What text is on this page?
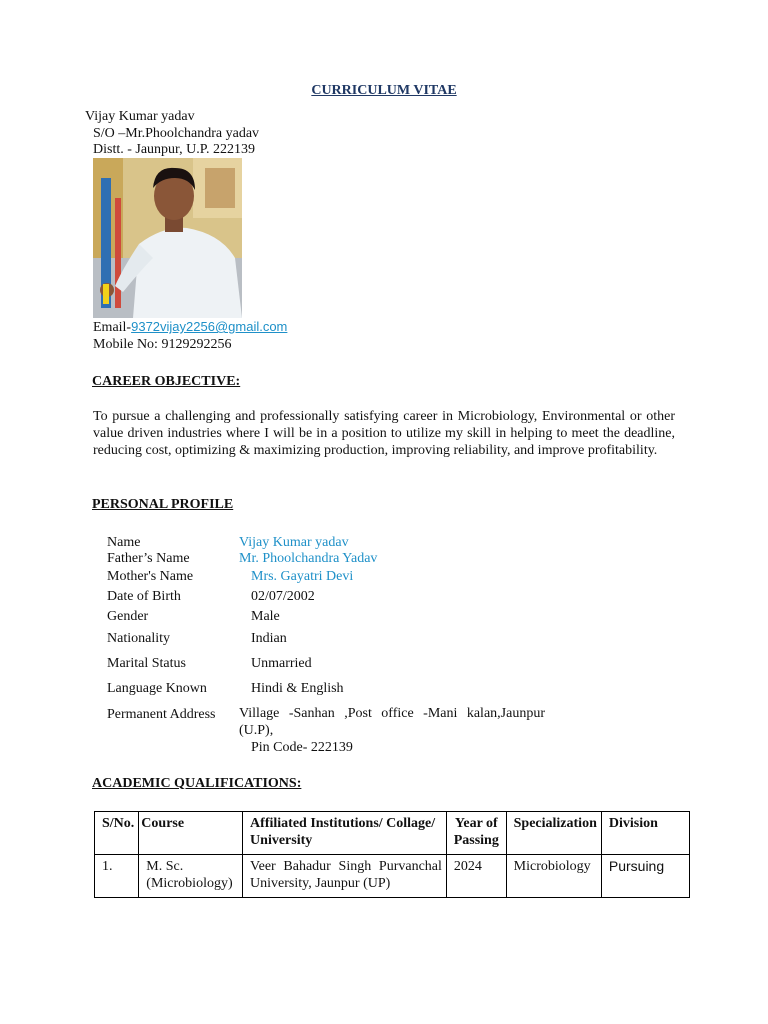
CURRICULUM VITAE
Vijay Kumar yadav
S/O –Mr.Phoolchandra yadav
Distt. - Jaunpur, U.P. 222139
Email-9372vijay2256@gmail.com
Mobile No: 9129292256
CAREER OBJECTIVE:
To pursue a challenging and professionally satisfying career in Microbiology, Environmental or other value driven industries where I will be in a position to utilize my skill in helping to meet the deadline, reducing cost, optimizing & maximizing production, improving reliability, and improve profitability.
PERSONAL PROFILE
Name	Vijay Kumar yadav
Father’s Name	Mr. Phoolchandra Yadav
Mother's Name	Mrs. Gayatri Devi
Date of Birth	02/07/2002
Gender	Male
Nationality	Indian
Marital Status	Unmarried
Language Known	Hindi & English
Permanent Address Village -Sanhan ,Post office -Mani kalan,Jaunpur
(U.P),
Pin Code- 222139
ACADEMIC QUALIFICATIONS:
S/No.	Course	Affiliated Institutions/ Collage/ University	Year of Passing	Specialization	Division
1.	M. Sc. (Microbiology)	Veer Bahadur Singh Purvanchal University, Jaunpur (UP)	2024	Microbiology	Pursuing
